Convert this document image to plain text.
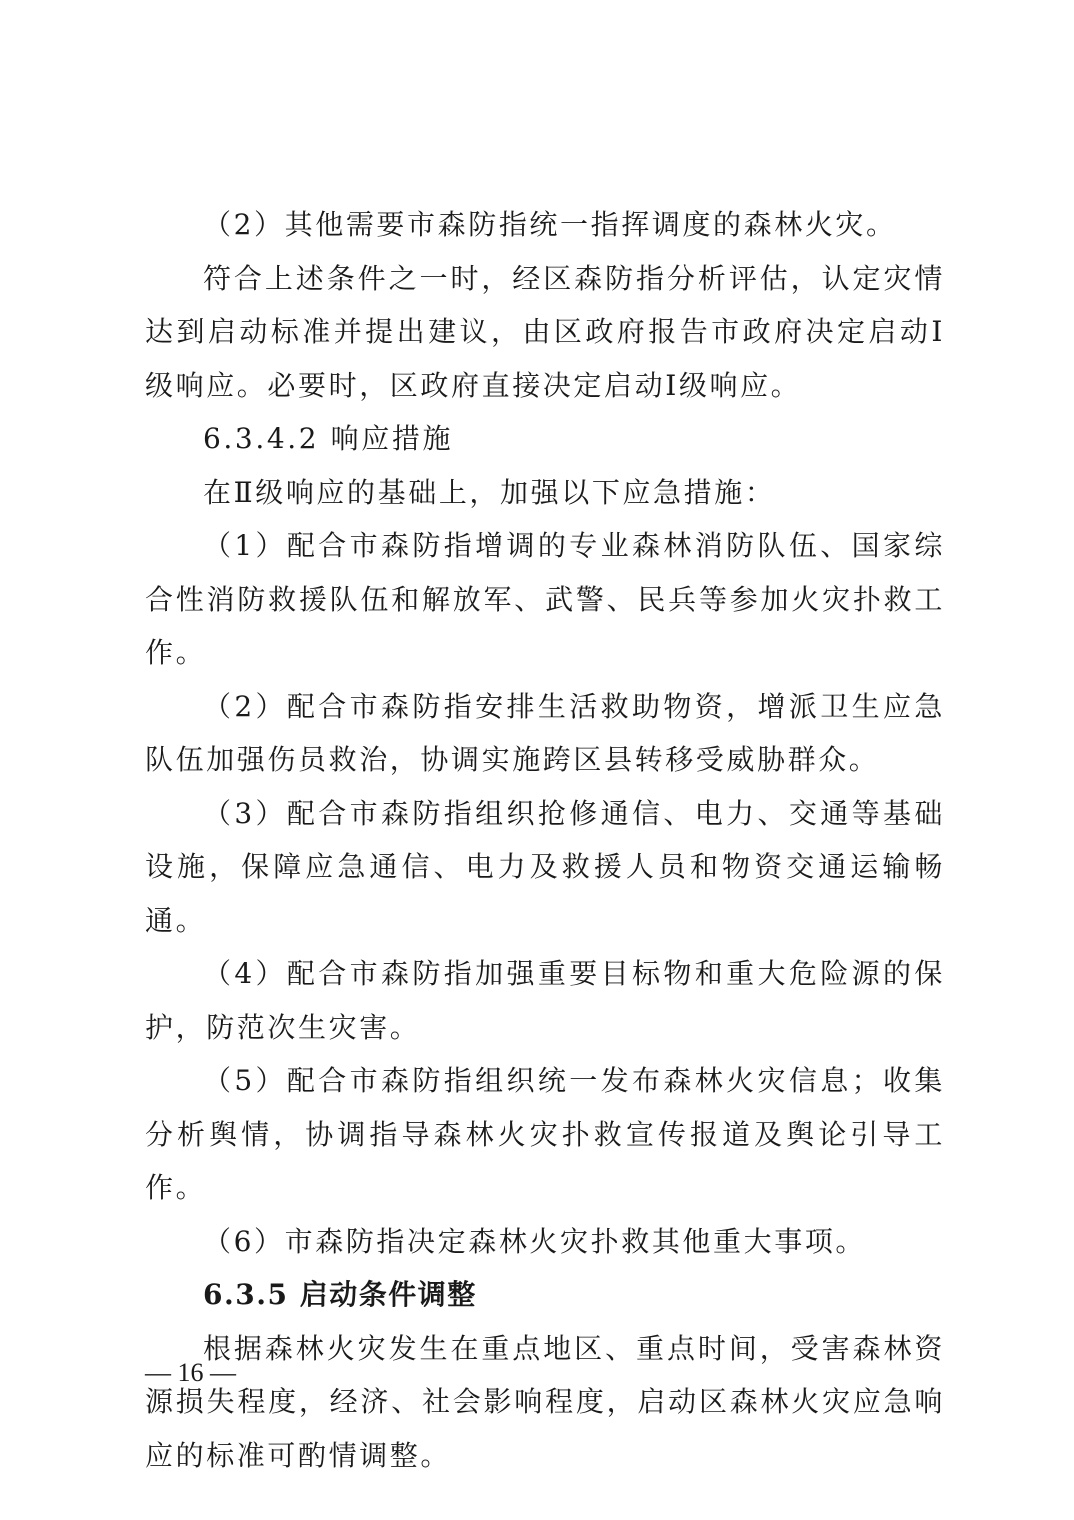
（2）其他需要市森防指统一指挥调度的森林火灾。

符合上述条件之一时，经区森防指分析评估，认定灾情达到启动标准并提出建议，由区政府报告市政府决定启动Ⅰ级响应。必要时，区政府直接决定启动Ⅰ级响应。

6.3.4.2 响应措施

在Ⅱ级响应的基础上，加强以下应急措施：

（1）配合市森防指增调的专业森林消防队伍、国家综合性消防救援队伍和解放军、武警、民兵等参加火灾扑救工作。

（2）配合市森防指安排生活救助物资，增派卫生应急队伍加强伤员救治，协调实施跨区县转移受威胁群众。

（3）配合市森防指组织抢修通信、电力、交通等基础设施，保障应急通信、电力及救援人员和物资交通运输畅通。

（4）配合市森防指加强重要目标物和重大危险源的保护，防范次生灾害。

（5）配合市森防指组织统一发布森林火灾信息；收集分析舆情，协调指导森林火灾扑救宣传报道及舆论引导工作。

（6）市森防指决定森林火灾扑救其他重大事项。

6.3.5 启动条件调整

根据森林火灾发生在重点地区、重点时间，受害森林资源损失程度，经济、社会影响程度，启动区森林火灾应急响应的标准可酌情调整。

— 16 —
